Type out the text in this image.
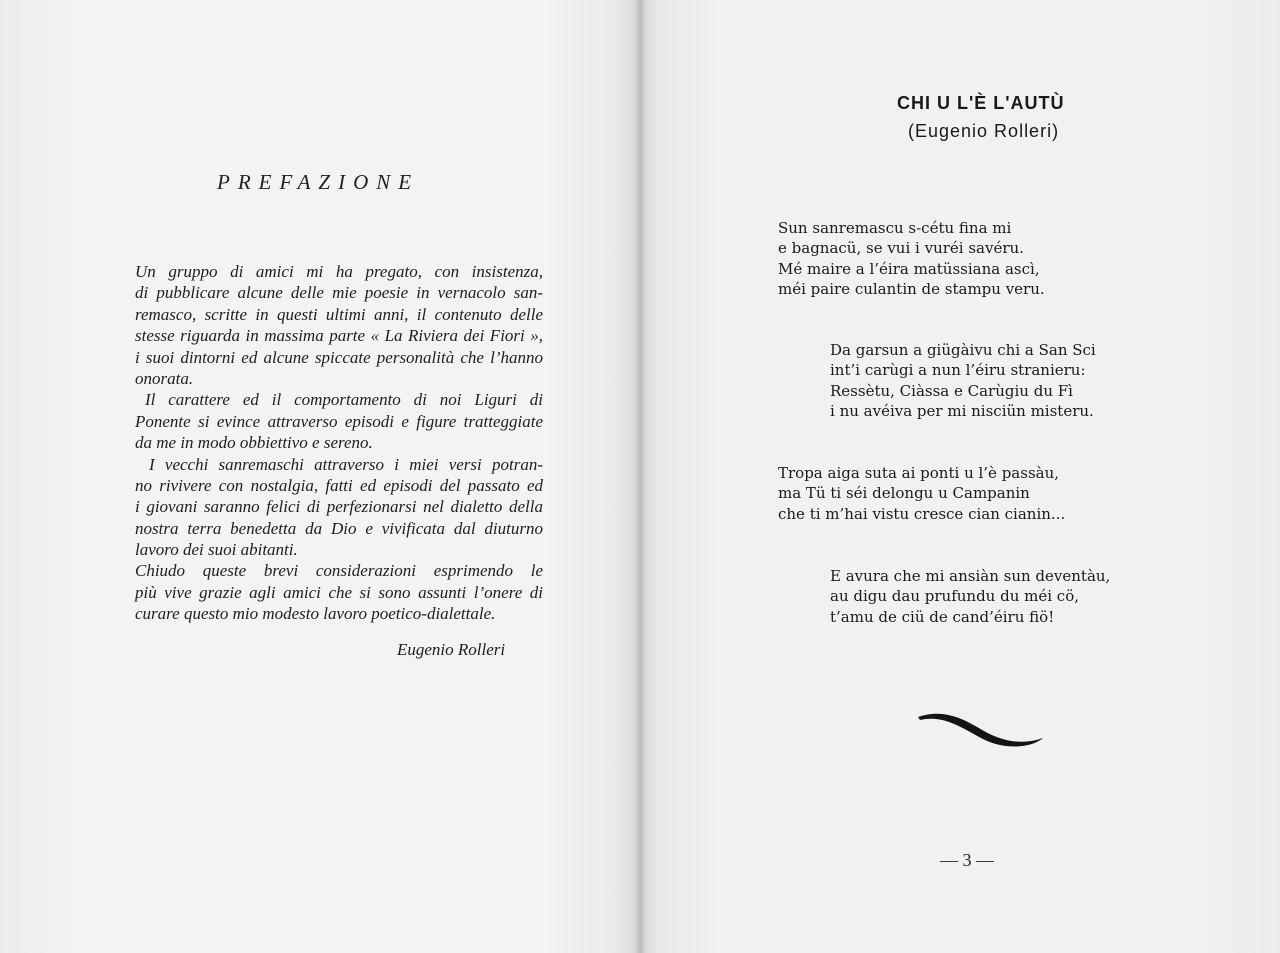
PREFAZIONE
Un gruppo di amici mi ha pregato, con insistenza,
di pubblicare alcune delle mie poesie in vernacolo san-
remasco, scritte in questi ultimi anni, il contenuto delle
stesse riguarda in massima parte « La Riviera dei Fiori »,
i suoi dintorni ed alcune spiccate personalità che l’hanno
onorata.
Il carattere ed il comportamento di noi Liguri di
Ponente si evince attraverso episodi e figure tratteggiate
da me in modo obbiettivo e sereno.
I vecchi sanremaschi attraverso i miei versi potran-
no rivivere con nostalgia, fatti ed episodi del passato ed
i giovani saranno felici di perfezionarsi nel dialetto della
nostra terra benedetta da Dio e vivificata dal diuturno
lavoro dei suoi abitanti.
Chiudo queste brevi considerazioni esprimendo le
più vive grazie agli amici che si sono assunti l’onere di
curare questo mio modesto lavoro poetico-dialettale.
Eugenio Rolleri
CHI U L'È L'AUTÙ
(Eugenio Rolleri)
Sun sanremascu s-cétu fina mi
e bagnacü, se vui i vuréi savéru.
Mé maire a l’éira matüssiana ascì,
méi paire culantin de stampu veru.
Da garsun a giügàivu chi a San Sci
int’i carùgi a nun l’éiru stranieru:
Ressètu, Ciàssa e Carùgiu du Fì
i nu avéiva per mi nisciün misteru.
Tropa aiga suta ai ponti u l’è passàu,
ma Tü ti séi delongu u Campanin
che ti m’hai vistu cresce cian cianin...
E avura che mi ansiàn sun deventàu,
au digu dau prufundu du méi cö,
t’amu de ciü de cand’éiru fiö!
— 3 —
